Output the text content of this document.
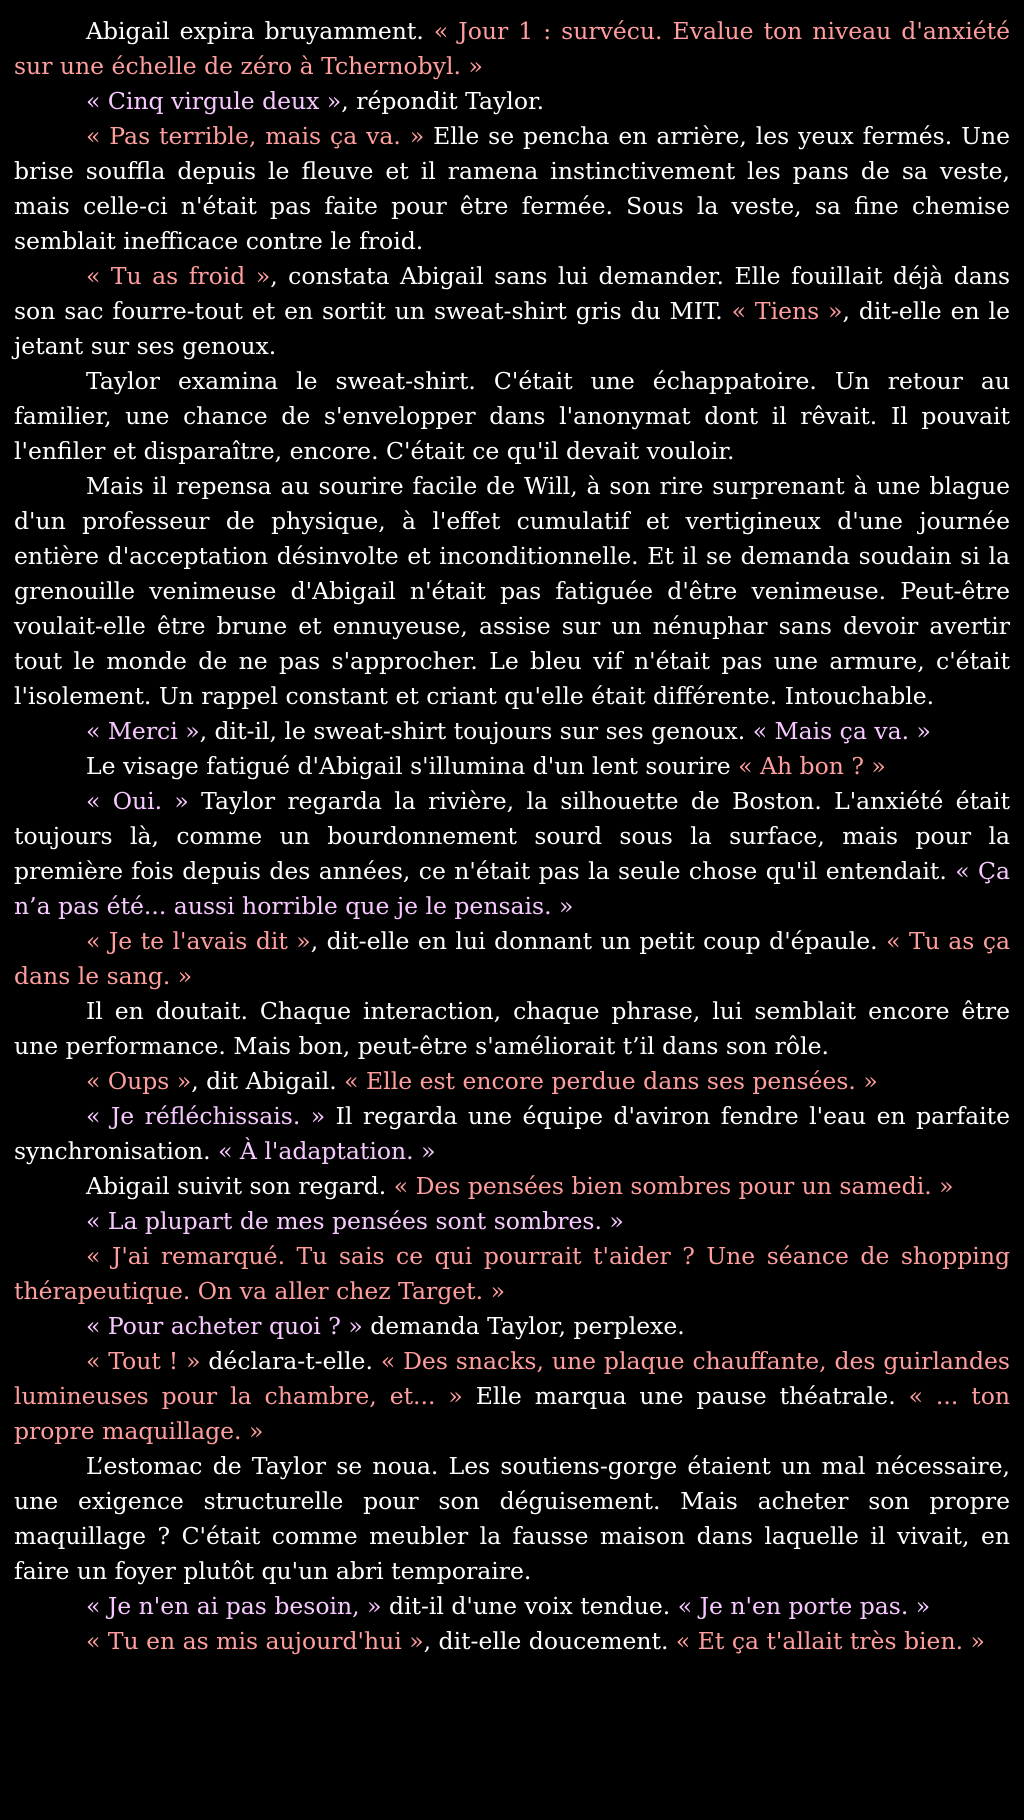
Abigail expira bruyamment. « Jour 1 : survécu. Evalue ton niveau d'anxiété sur une échelle de zéro à Tchernobyl. »

« Cinq virgule deux », répondit Taylor.

« Pas terrible, mais ça va. » Elle se pencha en arrière, les yeux fermés. Une brise souffla depuis le fleuve et il ramena instinctivement les pans de sa veste, mais celle-ci n'était pas faite pour être fermée. Sous la veste, sa fine chemise semblait inefficace contre le froid.

« Tu as froid », constata Abigail sans lui demander. Elle fouillait déjà dans son sac fourre-tout et en sortit un sweat-shirt gris du MIT. « Tiens », dit-elle en le jetant sur ses genoux.

Taylor examina le sweat-shirt. C'était une échappatoire. Un retour au familier, une chance de s'envelopper dans l'anonymat dont il rêvait. Il pouvait l'enfiler et disparaître, encore. C'était ce qu'il devait vouloir.

Mais il repensa au sourire facile de Will, à son rire surprenant à une blague d'un professeur de physique, à l'effet cumulatif et vertigineux d'une journée entière d'acceptation désinvolte et inconditionnelle. Et il se demanda soudain si la grenouille venimeuse d'Abigail n'était pas fatiguée d'être venimeuse. Peut-être voulait-elle être brune et ennuyeuse, assise sur un nénuphar sans devoir avertir tout le monde de ne pas s'approcher. Le bleu vif n'était pas une armure, c'était l'isolement. Un rappel constant et criant qu'elle était différente. Intouchable.

« Merci », dit-il, le sweat-shirt toujours sur ses genoux. « Mais ça va. »

Le visage fatigué d'Abigail s'illumina d'un lent sourire « Ah bon ? »

« Oui. » Taylor regarda la rivière, la silhouette de Boston. L'anxiété était toujours là, comme un bourdonnement sourd sous la surface, mais pour la première fois depuis des années, ce n'était pas la seule chose qu'il entendait. « Ça n’a pas été... aussi horrible que je le pensais. »

« Je te l'avais dit », dit-elle en lui donnant un petit coup d'épaule. « Tu as ça dans le sang. »

Il en doutait. Chaque interaction, chaque phrase, lui semblait encore être une performance. Mais bon, peut-être s'améliorait t’il dans son rôle.

« Oups », dit Abigail. « Elle est encore perdue dans ses pensées. »

« Je réfléchissais. » Il regarda une équipe d'aviron fendre l'eau en parfaite synchronisation. « À l'adaptation. »

Abigail suivit son regard. « Des pensées bien sombres pour un samedi. »

« La plupart de mes pensées sont sombres. »

« J'ai remarqué. Tu sais ce qui pourrait t'aider ? Une séance de shopping thérapeutique. On va aller chez Target. »

« Pour acheter quoi ? » demanda Taylor, perplexe.

« Tout ! » déclara-t-elle. « Des snacks, une plaque chauffante, des guirlandes lumineuses pour la chambre, et... » Elle marqua une pause théatrale. « ... ton propre maquillage. »

L’estomac de Taylor se noua. Les soutiens-gorge étaient un mal nécessaire, une exigence structurelle pour son déguisement. Mais acheter son propre maquillage ? C'était comme meubler la fausse maison dans laquelle il vivait, en faire un foyer plutôt qu'un abri temporaire.

« Je n'en ai pas besoin, » dit-il d'une voix tendue. « Je n'en porte pas. »

« Tu en as mis aujourd'hui », dit-elle doucement. « Et ça t'allait très bien. »
